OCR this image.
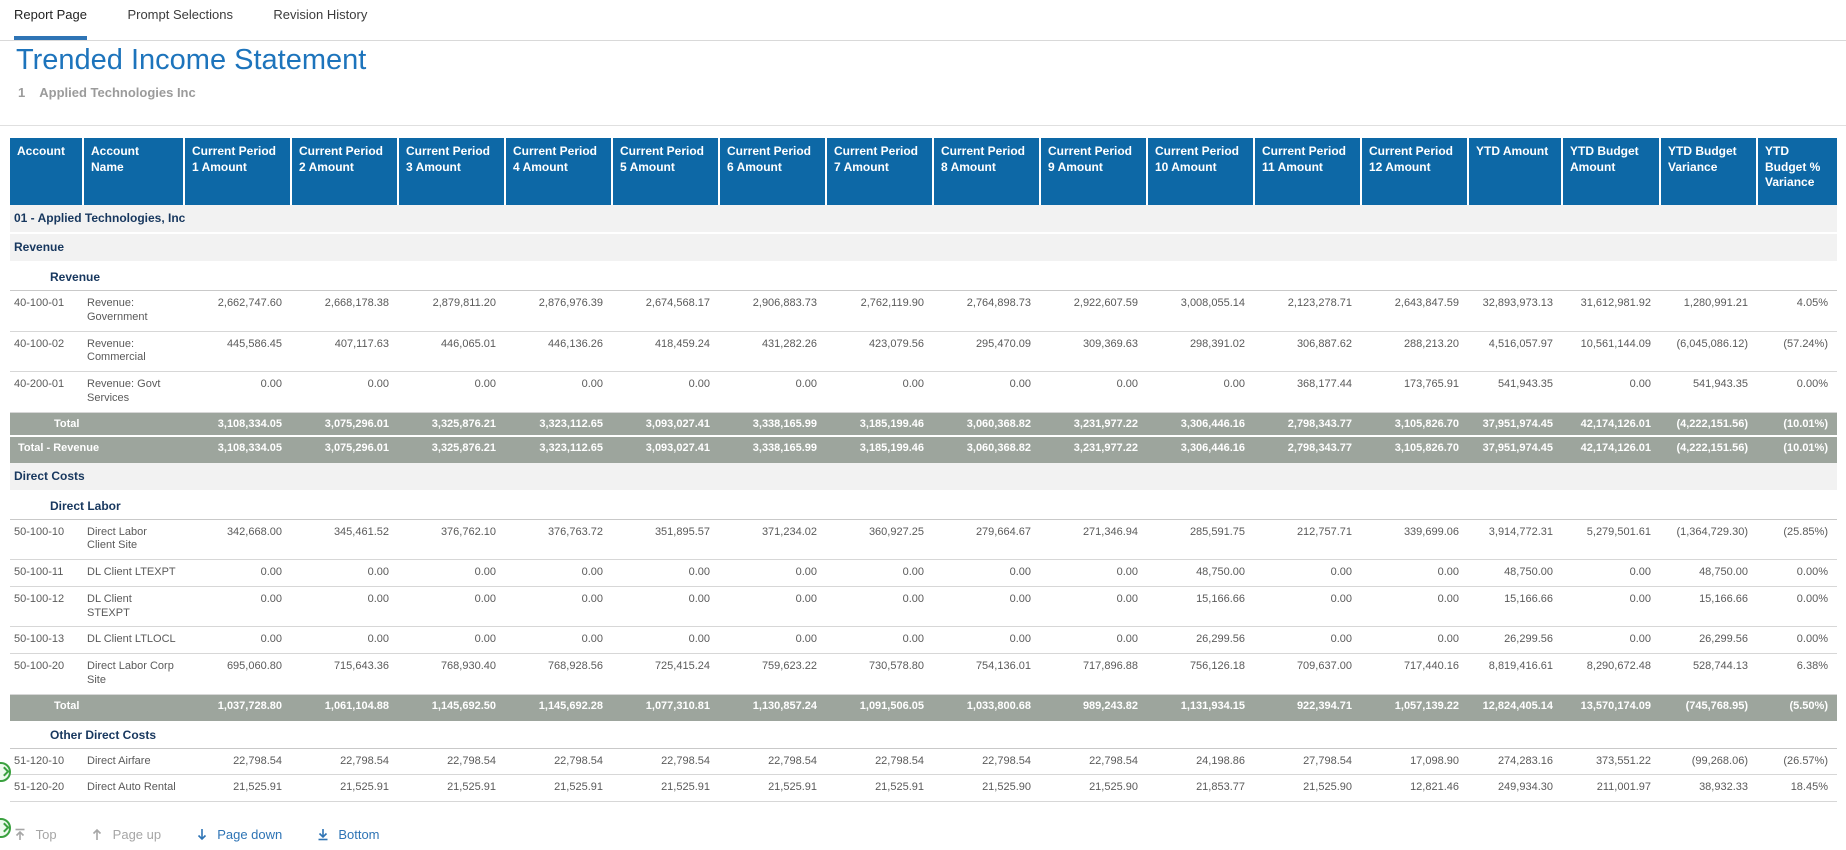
Report Page	Prompt Selections	Revision History
Trended Income Statement
1 Applied Technologies Inc
Account	Account Name	Current Period 1 Amount	Current Period 2 Amount	Current Period 3 Amount	Current Period 4 Amount	Current Period 5 Amount	Current Period 6 Amount	Current Period 7 Amount	Current Period 8 Amount	Current Period 9 Amount	Current Period 10 Amount	Current Period 11 Amount	Current Period 12 Amount	YTD Amount	YTD Budget Amount	YTD Budget Variance	YTD Budget % Variance
01 - Applied Technologies, Inc																	
Revenue																	
Revenue																	
40-100-01	Revenue: Government	2,662,747.60	2,668,178.38	2,879,811.20	2,876,976.39	2,674,568.17	2,906,883.73	2,762,119.90	2,764,898.73	2,922,607.59	3,008,055.14	2,123,278.71	2,643,847.59	32,893,973.13	31,612,981.92	1,280,991.21	4.05%
40-100-02	Revenue: Commercial	445,586.45	407,117.63	446,065.01	446,136.26	418,459.24	431,282.26	423,079.56	295,470.09	309,369.63	298,391.02	306,887.62	288,213.20	4,516,057.97	10,561,144.09	(6,045,086.12)	(57.24%)
40-200-01	Revenue: Govt Services	0.00	0.00	0.00	0.00	0.00	0.00	0.00	0.00	0.00	0.00	368,177.44	173,765.91	541,943.35	0.00	541,943.35	0.00%
Total		3,108,334.05	3,075,296.01	3,325,876.21	3,323,112.65	3,093,027.41	3,338,165.99	3,185,199.46	3,060,368.82	3,231,977.22	3,306,446.16	2,798,343.77	3,105,826.70	37,951,974.45	42,174,126.01	(4,222,151.56)	(10.01%)
Total - Revenue		3,108,334.05	3,075,296.01	3,325,876.21	3,323,112.65	3,093,027.41	3,338,165.99	3,185,199.46	3,060,368.82	3,231,977.22	3,306,446.16	2,798,343.77	3,105,826.70	37,951,974.45	42,174,126.01	(4,222,151.56)	(10.01%)
Direct Costs																	
Direct Labor																	
50-100-10	Direct Labor Client Site	342,668.00	345,461.52	376,762.10	376,763.72	351,895.57	371,234.02	360,927.25	279,664.67	271,346.94	285,591.75	212,757.71	339,699.06	3,914,772.31	5,279,501.61	(1,364,729.30)	(25.85%)
50-100-11	DL Client LTEXPT	0.00	0.00	0.00	0.00	0.00	0.00	0.00	0.00	0.00	48,750.00	0.00	0.00	48,750.00	0.00	48,750.00	0.00%
50-100-12	DL Client STEXPT	0.00	0.00	0.00	0.00	0.00	0.00	0.00	0.00	0.00	15,166.66	0.00	0.00	15,166.66	0.00	15,166.66	0.00%
50-100-13	DL Client LTLOCL	0.00	0.00	0.00	0.00	0.00	0.00	0.00	0.00	0.00	26,299.56	0.00	0.00	26,299.56	0.00	26,299.56	0.00%
50-100-20	Direct Labor Corp Site	695,060.80	715,643.36	768,930.40	768,928.56	725,415.24	759,623.22	730,578.80	754,136.01	717,896.88	756,126.18	709,637.00	717,440.16	8,819,416.61	8,290,672.48	528,744.13	6.38%
Total		1,037,728.80	1,061,104.88	1,145,692.50	1,145,692.28	1,077,310.81	1,130,857.24	1,091,506.05	1,033,800.68	989,243.82	1,131,934.15	922,394.71	1,057,139.22	12,824,405.14	13,570,174.09	(745,768.95)	(5.50%)
Other Direct Costs																	
51-120-10	Direct Airfare	22,798.54	22,798.54	22,798.54	22,798.54	22,798.54	22,798.54	22,798.54	22,798.54	22,798.54	24,198.86	27,798.54	17,098.90	274,283.16	373,551.22	(99,268.06)	(26.57%)
51-120-20	Direct Auto Rental	21,525.91	21,525.91	21,525.91	21,525.91	21,525.91	21,525.91	21,525.91	21,525.90	21,525.90	21,853.77	21,525.90	12,821.46	249,934.30	211,001.97	38,932.33	18.45%
Top	Page up	Page down	Bottom
